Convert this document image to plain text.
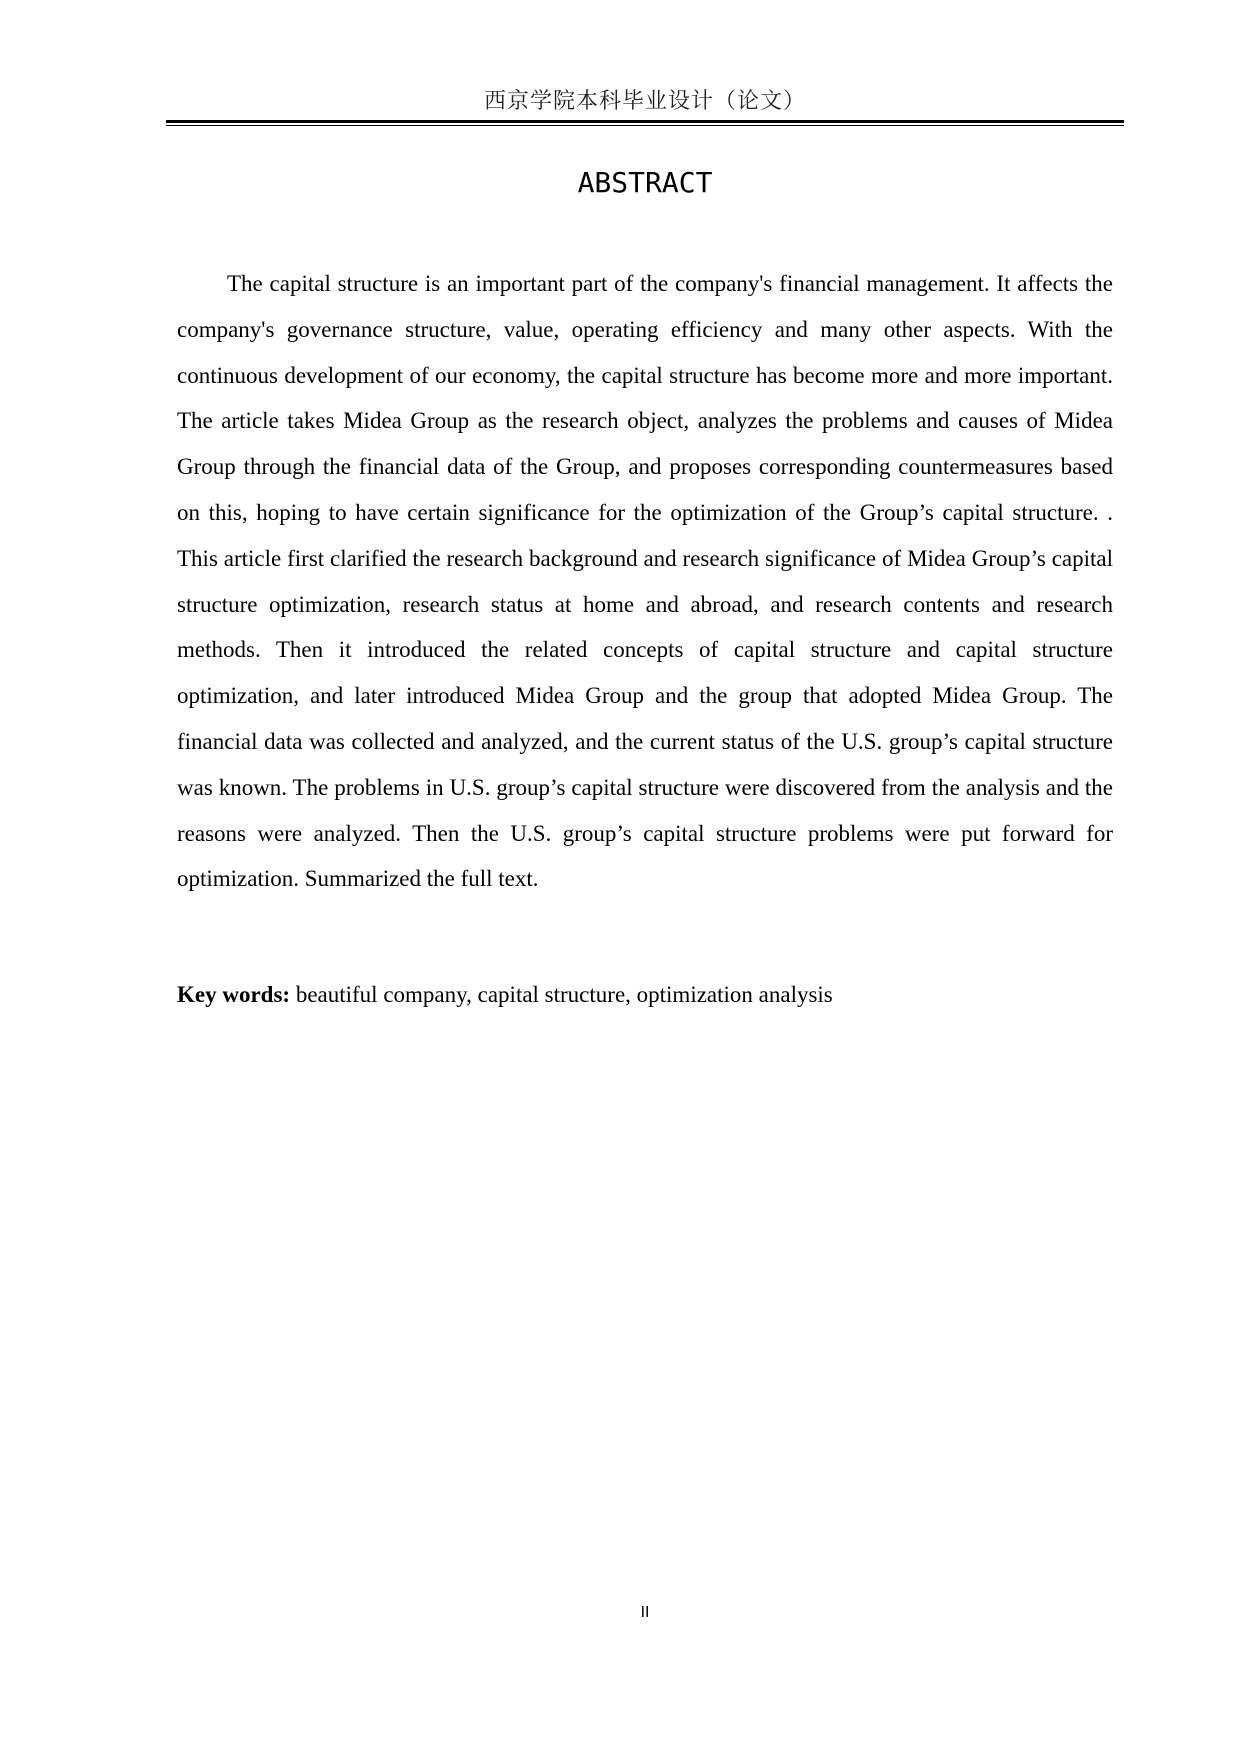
西京学院本科毕业设计（论文）
ABSTRACT

The capital structure is an important part of the company's financial management. It affects the company's governance structure, value, operating efficiency and many other aspects. With the continuous development of our economy, the capital structure has become more and more important. The article takes Midea Group as the research object, analyzes the problems and causes of Midea Group through the financial data of the Group, and proposes corresponding countermeasures based on this, hoping to have certain significance for the optimization of the Group’s capital structure. . This article first clarified the research background and research significance of Midea Group’s capital structure optimization, research status at home and abroad, and research contents and research methods. Then it introduced the related concepts of capital structure and capital structure optimization, and later introduced Midea Group and the group that adopted Midea Group. The financial data was collected and analyzed, and the current status of the U.S. group’s capital structure was known. The problems in U.S. group’s capital structure were discovered from the analysis and the reasons were analyzed. Then the U.S. group’s capital structure problems were put forward for optimization. Summarized the full text.

Key words: beautiful company, capital structure, optimization analysis

II
